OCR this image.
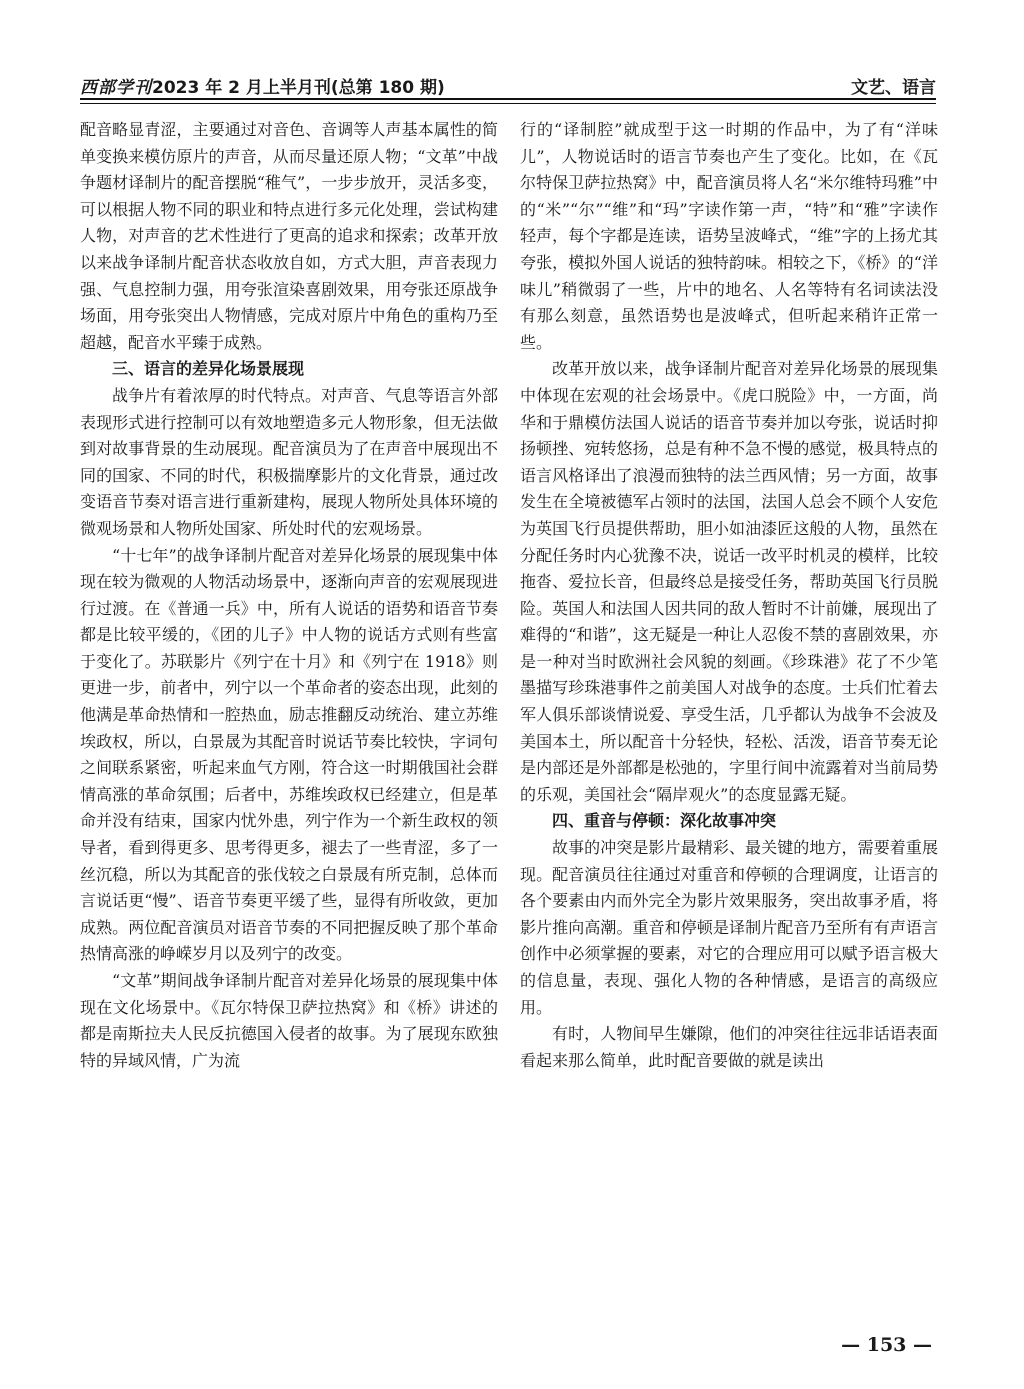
西部学刊2023 年 2 月上半月刊(总第 180 期)	文艺、语言

配音略显青涩，主要通过对音色、音调等人声基本属性的简单变换来模仿原片的声音，从而尽量还原人物；“文革”中战争题材译制片的配音摆脱“稚气”，一步步放开，灵活多变，可以根据人物不同的职业和特点进行多元化处理，尝试构建人物，对声音的艺术性进行了更高的追求和探索；改革开放以来战争译制片配音状态收放自如，方式大胆，声音表现力强、气息控制力强，用夸张渲染喜剧效果，用夸张还原战争场面，用夸张突出人物情感，完成对原片中角色的重构乃至超越，配音水平臻于成熟。

三、语言的差异化场景展现

战争片有着浓厚的时代特点。对声音、气息等语言外部表现形式进行控制可以有效地塑造多元人物形象，但无法做到对故事背景的生动展现。配音演员为了在声音中展现出不同的国家、不同的时代，积极揣摩影片的文化背景，通过改变语音节奏对语言进行重新建构，展现人物所处具体环境的微观场景和人物所处国家、所处时代的宏观场景。

“十七年”的战争译制片配音对差异化场景的展现集中体现在较为微观的人物活动场景中，逐渐向声音的宏观展现进行过渡。在《普通一兵》中，所有人说话的语势和语音节奏都是比较平缓的，《团的儿子》中人物的说话方式则有些富于变化了。苏联影片《列宁在十月》和《列宁在 1918》则更进一步，前者中，列宁以一个革命者的姿态出现，此刻的他满是革命热情和一腔热血，励志推翻反动统治、建立苏维埃政权，所以，白景晟为其配音时说话节奏比较快，字词句之间联系紧密，听起来血气方刚，符合这一时期俄国社会群情高涨的革命氛围；后者中，苏维埃政权已经建立，但是革命并没有结束，国家内忧外患，列宁作为一个新生政权的领导者，看到得更多、思考得更多，褪去了一些青涩，多了一丝沉稳，所以为其配音的张伐较之白景晟有所克制，总体而言说话更“慢”、语音节奏更平缓了些，显得有所收敛，更加成熟。两位配音演员对语音节奏的不同把握反映了那个革命热情高涨的峥嵘岁月以及列宁的改变。

“文革”期间战争译制片配音对差异化场景的展现集中体现在文化场景中。《瓦尔特保卫萨拉热窝》和《桥》讲述的都是南斯拉夫人民反抗德国入侵者的故事。为了展现东欧独特的异域风情，广为流

行的“译制腔”就成型于这一时期的作品中，为了有“洋味儿”，人物说话时的语言节奏也产生了变化。比如，在《瓦尔特保卫萨拉热窝》中，配音演员将人名“米尔维特玛雅”中的“米”“尔”“维”和“玛”字读作第一声，“特”和“雅”字读作轻声，每个字都是连读，语势呈波峰式，“维”字的上扬尤其夸张，模拟外国人说话的独特韵味。相较之下，《桥》的“洋味儿”稍微弱了一些，片中的地名、人名等特有名词读法没有那么刻意，虽然语势也是波峰式，但听起来稍许正常一些。

改革开放以来，战争译制片配音对差异化场景的展现集中体现在宏观的社会场景中。《虎口脱险》中，一方面，尚华和于鼎模仿法国人说话的语音节奏并加以夸张，说话时抑扬顿挫、宛转悠扬，总是有种不急不慢的感觉，极具特点的语言风格译出了浪漫而独特的法兰西风情；另一方面，故事发生在全境被德军占领时的法国，法国人总会不顾个人安危为英国飞行员提供帮助，胆小如油漆匠这般的人物，虽然在分配任务时内心犹豫不决，说话一改平时机灵的模样，比较拖沓、爱拉长音，但最终总是接受任务，帮助英国飞行员脱险。英国人和法国人因共同的敌人暂时不计前嫌，展现出了难得的“和谐”，这无疑是一种让人忍俊不禁的喜剧效果，亦是一种对当时欧洲社会风貌的刻画。《珍珠港》花了不少笔墨描写珍珠港事件之前美国人对战争的态度。士兵们忙着去军人俱乐部谈情说爱、享受生活，几乎都认为战争不会波及美国本土，所以配音十分轻快，轻松、活泼，语音节奏无论是内部还是外部都是松弛的，字里行间中流露着对当前局势的乐观，美国社会“隔岸观火”的态度显露无疑。

四、重音与停顿：深化故事冲突

故事的冲突是影片最精彩、最关键的地方，需要着重展现。配音演员往往通过对重音和停顿的合理调度，让语言的各个要素由内而外完全为影片效果服务，突出故事矛盾，将影片推向高潮。重音和停顿是译制片配音乃至所有有声语言创作中必须掌握的要素，对它的合理应用可以赋予语言极大的信息量，表现、强化人物的各种情感，是语言的高级应用。

有时，人物间早生嫌隙，他们的冲突往往远非话语表面看起来那么简单，此时配音要做的就是读出

— 153 —
